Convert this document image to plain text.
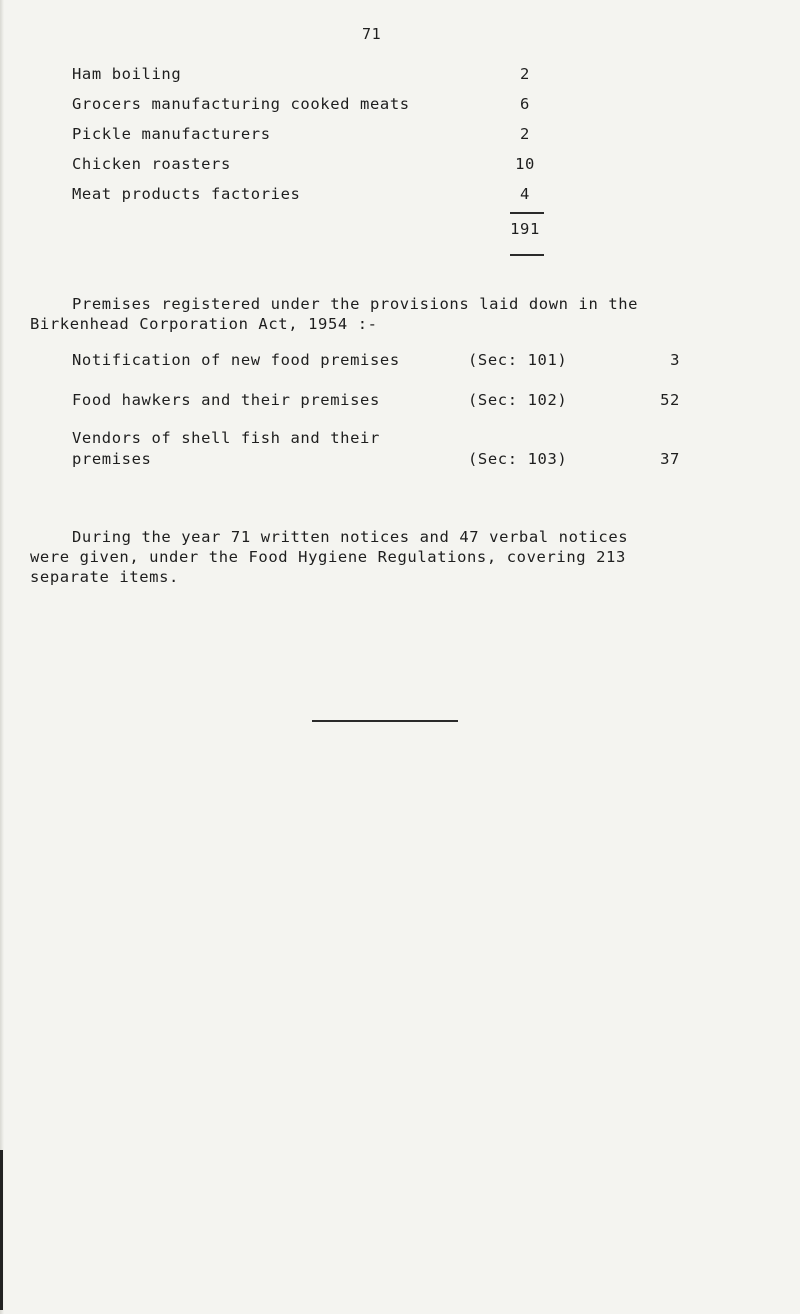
71
Ham boiling	2
Grocers manufacturing cooked meats	6
Pickle manufacturers	2
Chicken roasters	10
Meat products factories	4
191
Premises registered under the provisions laid down in the
Birkenhead Corporation Act, 1954 :-
Notification of new food premises	(Sec: 101)	3
Food hawkers and their premises	(Sec: 102)	52
Vendors of shell fish and their
premises	(Sec: 103)	37
During the year 71 written notices and 47 verbal notices
were given, under the Food Hygiene Regulations, covering 213
separate items.
